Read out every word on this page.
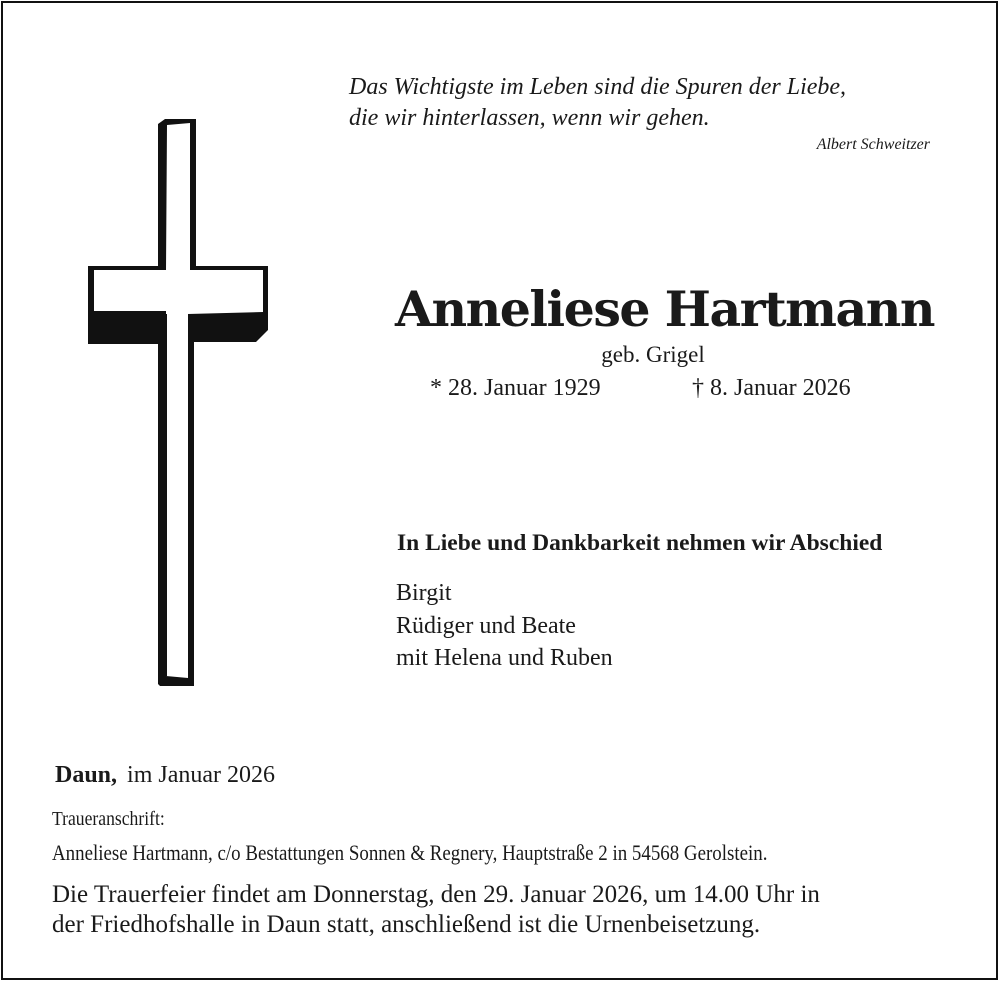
Das Wichtigste im Leben sind die Spuren der Liebe,
die wir hinterlassen, wenn wir gehen.
Albert Schweitzer
Anneliese Hartmann
geb. Grigel
* 28. Januar 1929	† 8. Januar 2026
In Liebe und Dankbarkeit nehmen wir Abschied
Birgit
Rüdiger und Beate
mit Helena und Ruben
Daun, im Januar 2026
Traueranschrift:
Anneliese Hartmann, c/o Bestattungen Sonnen & Regnery, Hauptstraße 2 in 54568 Gerolstein.
Die Trauerfeier findet am Donnerstag, den 29. Januar 2026, um 14.00 Uhr in
der Friedhofshalle in Daun statt, anschließend ist die Urnenbeisetzung.
